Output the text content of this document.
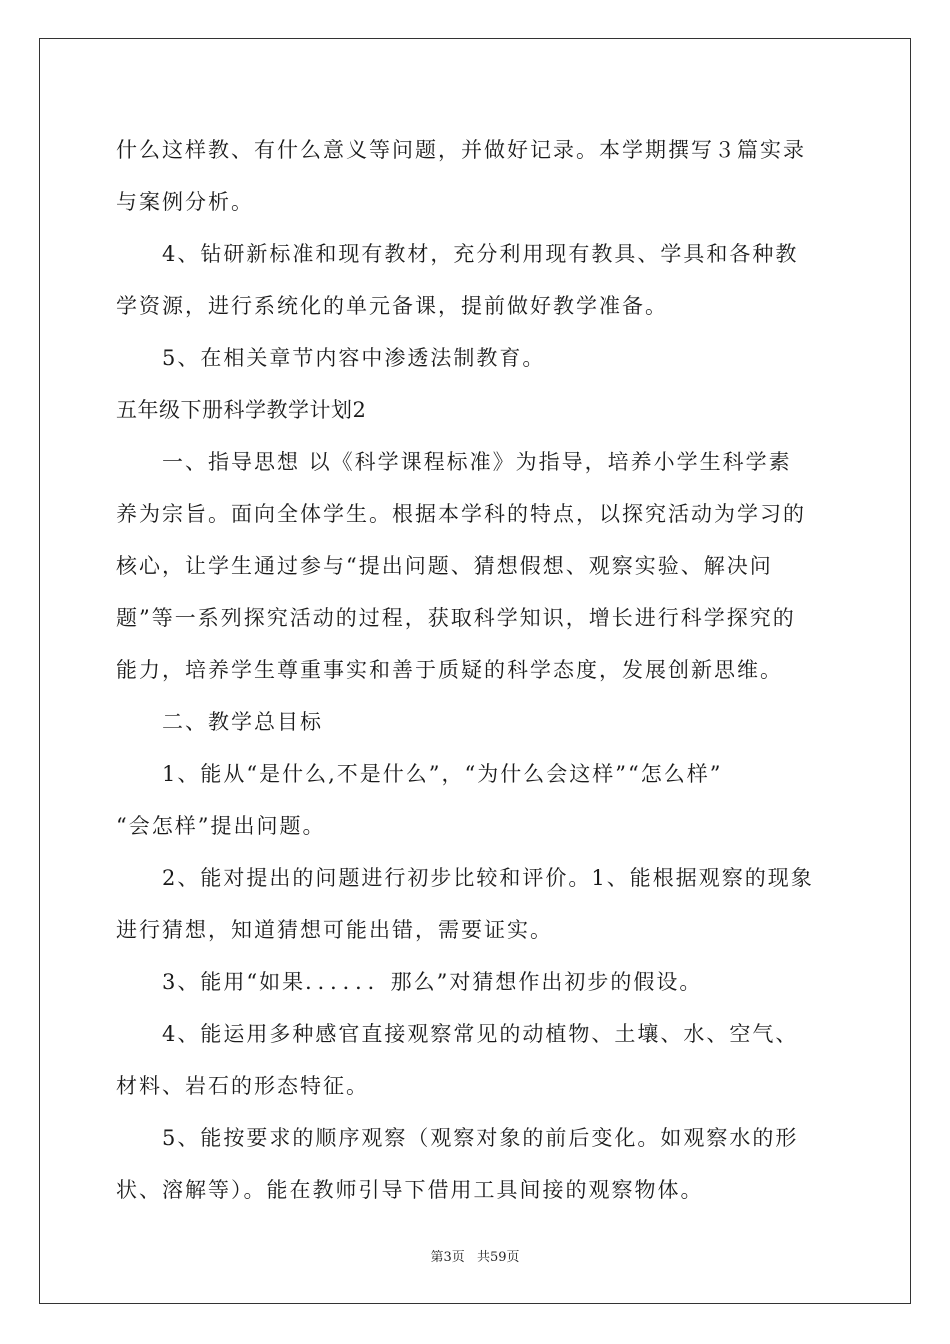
什么这样教、有什么意义等问题，并做好记录。本学期撰写３篇实录
与案例分析。
4、钻研新标准和现有教材，充分利用现有教具、学具和各种教
学资源，进行系统化的单元备课，提前做好教学准备。
5、在相关章节内容中渗透法制教育。
五年级下册科学教学计划2
一、指导思想 以《科学课程标准》为指导，培养小学生科学素
养为宗旨。面向全体学生。根据本学科的特点，以探究活动为学习的
核心，让学生通过参与“提出问题、猜想假想、观察实验、解决问
题”等一系列探究活动的过程，获取科学知识，增长进行科学探究的
能力，培养学生尊重事实和善于质疑的科学态度，发展创新思维。
二、教学总目标
1、能从“是什么,不是什么”，“为什么会这样”“怎么样”
“会怎样”提出问题。
2、能对提出的问题进行初步比较和评价。1、能根据观察的现象
进行猜想，知道猜想可能出错，需要证实。
3、能用“如果．．．．．．那么”对猜想作出初步的假设。
4、能运用多种感官直接观察常见的动植物、土壤、水、空气、
材料、岩石的形态特征。
5、能按要求的顺序观察（观察对象的前后变化。如观察水的形
状、溶解等）。能在教师引导下借用工具间接的观察物体。
第3页 共59页
